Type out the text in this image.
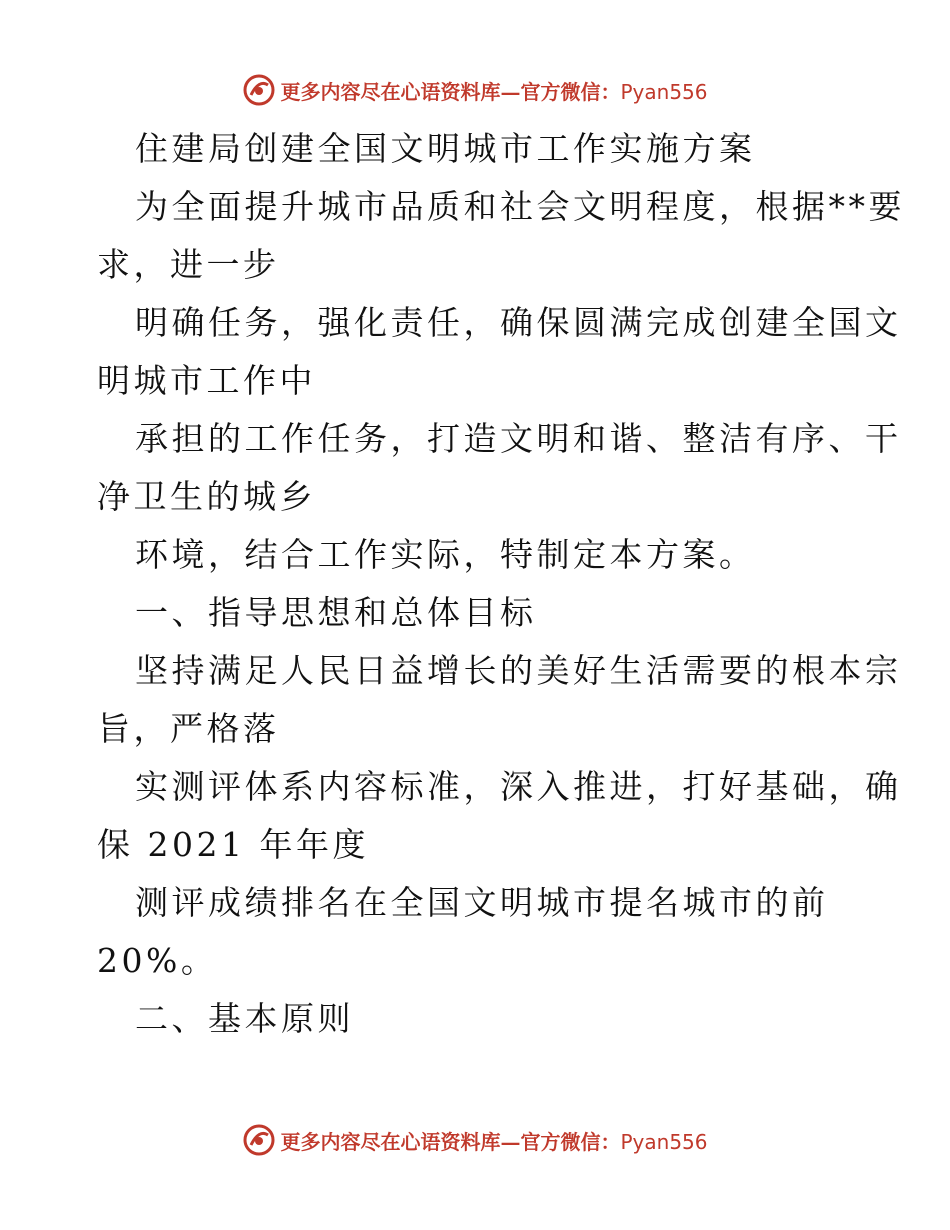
更多内容尽在心语资料库—官方微信：Pyan556
住建局创建全国文明城市工作实施方案
为全面提升城市品质和社会文明程度，根据**要
求，进一步
明确任务，强化责任，确保圆满完成创建全国文
明城市工作中
承担的工作任务，打造文明和谐、整洁有序、干
净卫生的城乡
环境，结合工作实际，特制定本方案。
一、指导思想和总体目标
坚持满足人民日益增长的美好生活需要的根本宗
旨，严格落
实测评体系内容标准，深入推进，打好基础，确
保 2021 年年度
测评成绩排名在全国文明城市提名城市的前
20%。
二、基本原则
更多内容尽在心语资料库—官方微信：Pyan556
